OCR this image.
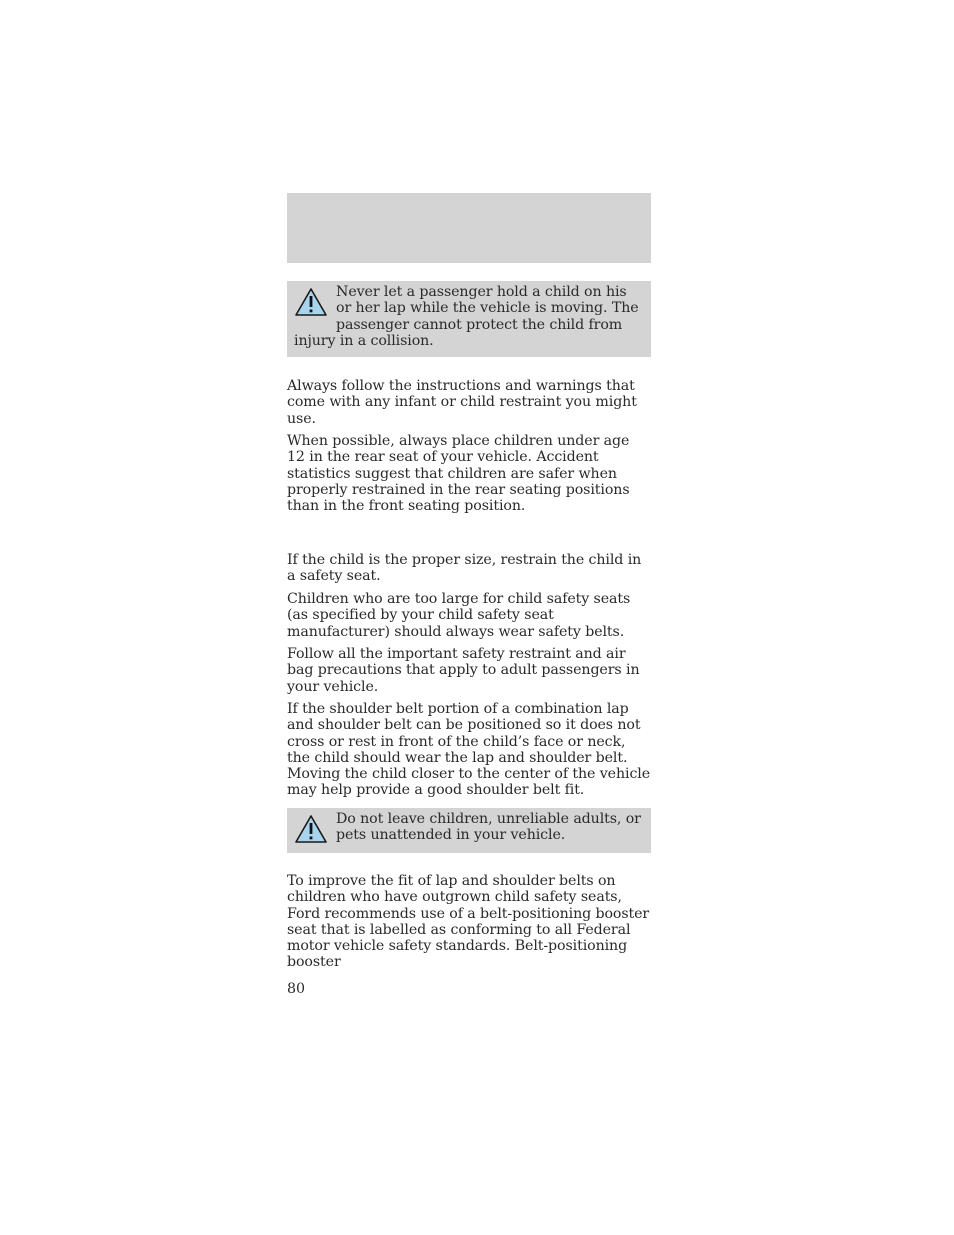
Never let a passenger hold a child on his or her lap while the vehicle is moving. The passenger cannot protect the child from injury in a collision.

Always follow the instructions and warnings that come with any infant or child restraint you might use.

When possible, always place children under age 12 in the rear seat of your vehicle. Accident statistics suggest that children are safer when properly restrained in the rear seating positions than in the front seating position.

If the child is the proper size, restrain the child in a safety seat.

Children who are too large for child safety seats (as specified by your child safety seat manufacturer) should always wear safety belts.

Follow all the important safety restraint and air bag precautions that apply to adult passengers in your vehicle.

If the shoulder belt portion of a combination lap and shoulder belt can be positioned so it does not cross or rest in front of the child’s face or neck, the child should wear the lap and shoulder belt. Moving the child closer to the center of the vehicle may help provide a good shoulder belt fit.

Do not leave children, unreliable adults, or pets unattended in your vehicle.

To improve the fit of lap and shoulder belts on children who have outgrown child safety seats, Ford recommends use of a belt-positioning booster seat that is labelled as conforming to all Federal motor vehicle safety standards. Belt-positioning booster

80
